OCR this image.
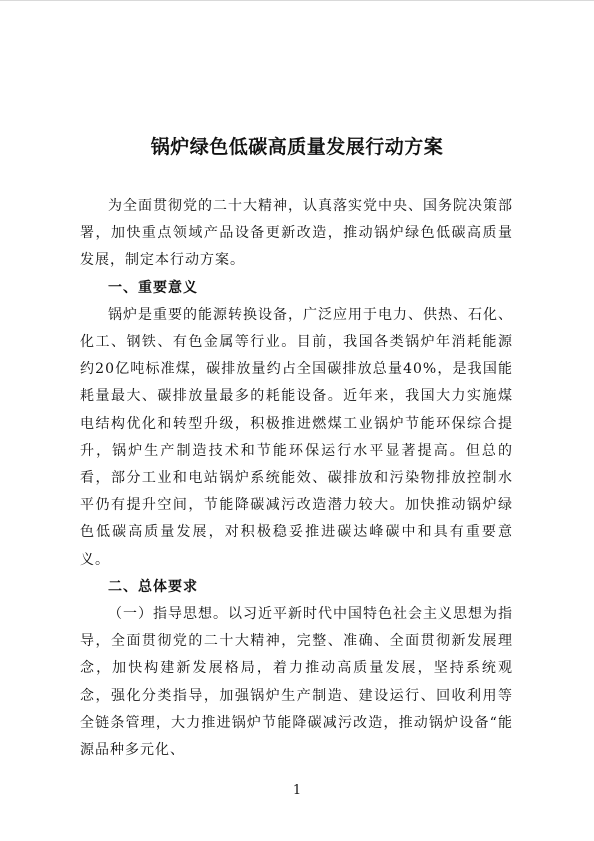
锅炉绿色低碳高质量发展行动方案

为全面贯彻党的二十大精神，认真落实党中央、国务院决策部署，加快重点领域产品设备更新改造，推动锅炉绿色低碳高质量发展，制定本行动方案。

一、重要意义

锅炉是重要的能源转换设备，广泛应用于电力、供热、石化、化工、钢铁、有色金属等行业。目前，我国各类锅炉年消耗能源约20亿吨标准煤，碳排放量约占全国碳排放总量40%，是我国能耗量最大、碳排放量最多的耗能设备。近年来，我国大力实施煤电结构优化和转型升级，积极推进燃煤工业锅炉节能环保综合提升，锅炉生产制造技术和节能环保运行水平显著提高。但总的看，部分工业和电站锅炉系统能效、碳排放和污染物排放控制水平仍有提升空间，节能降碳减污改造潜力较大。加快推动锅炉绿色低碳高质量发展，对积极稳妥推进碳达峰碳中和具有重要意义。

二、总体要求

（一）指导思想。以习近平新时代中国特色社会主义思想为指导，全面贯彻党的二十大精神，完整、准确、全面贯彻新发展理念，加快构建新发展格局，着力推动高质量发展，坚持系统观念，强化分类指导，加强锅炉生产制造、建设运行、回收利用等全链条管理，大力推进锅炉节能降碳减污改造，推动锅炉设备“能源品种多元化、

1
